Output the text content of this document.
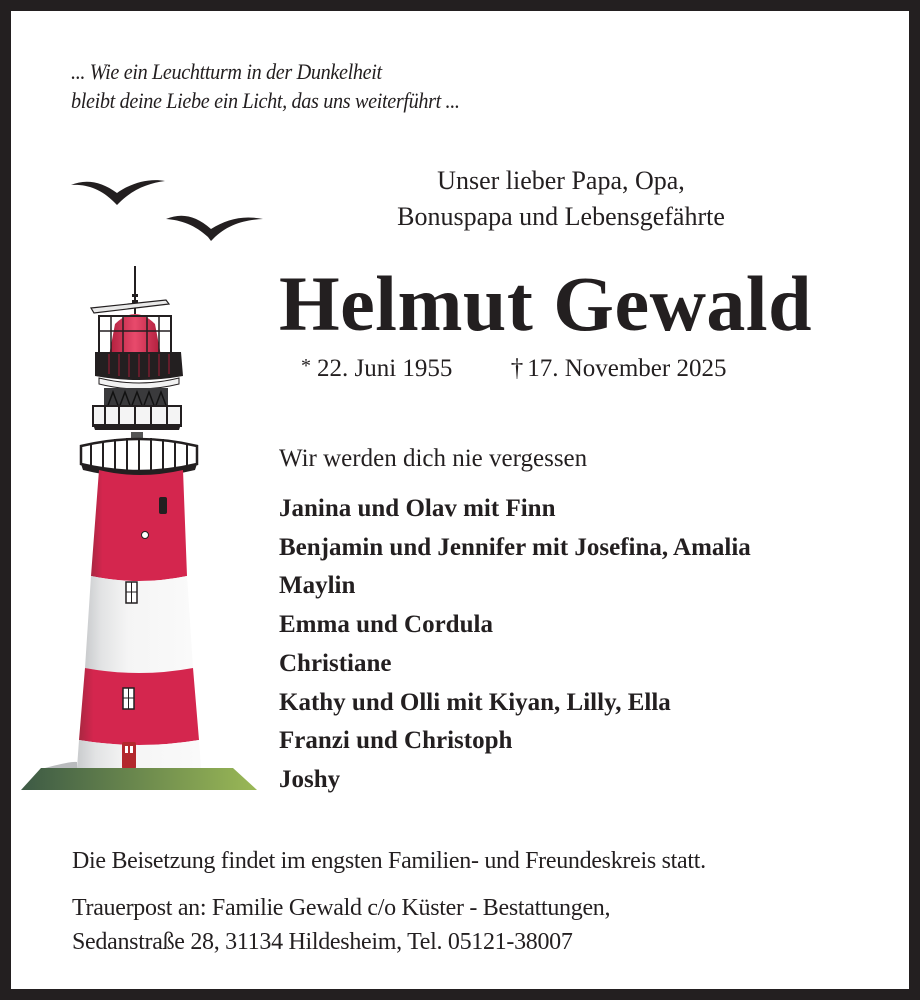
... Wie ein Leuchtturm in der Dunkelheit
bleibt deine Liebe ein Licht, das uns weiterführt ...
Unser lieber Papa, Opa,
Bonuspapa und Lebensgefährte
Helmut Gewald
* 22. Juni 1955 † 17. November 2025
Wir werden dich nie vergessen
Janina und Olav mit Finn
Benjamin und Jennifer mit Josefina, Amalia
Maylin
Emma und Cordula
Christiane
Kathy und Olli mit Kiyan, Lilly, Ella
Franzi und Christoph
Joshy
Die Beisetzung findet im engsten Familien- und Freundeskreis statt.
Trauerpost an: Familie Gewald c/o Küster - Bestattungen,
Sedanstraße 28, 31134 Hildesheim, Tel. 05121-38007
